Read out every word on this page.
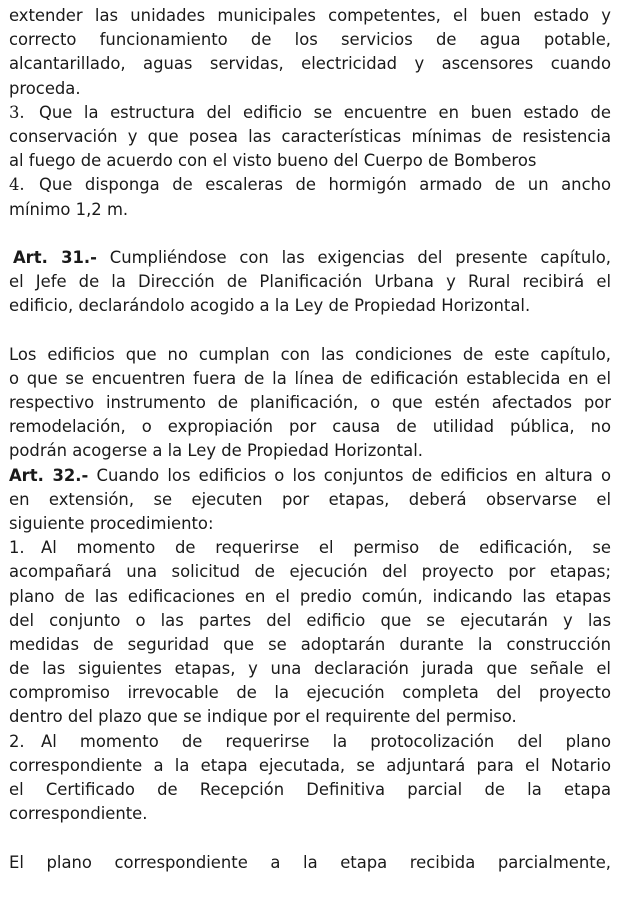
extender las unidades municipales competentes, el buen estado y
correcto funcionamiento de los servicios de agua potable,
alcantarillado, aguas servidas, electricidad y ascensores cuando
proceda.
3. Que la estructura del edificio se encuentre en buen estado de
conservación y que posea las características mínimas de resistencia
al fuego de acuerdo con el visto bueno del Cuerpo de Bomberos
4. Que disponga de escaleras de hormigón armado de un ancho
mínimo 1,2 m.
Art. 31.- Cumpliéndose con las exigencias del presente capítulo,
el Jefe de la Dirección de Planificación Urbana y Rural recibirá el
edificio, declarándolo acogido a la Ley de Propiedad Horizontal.
Los edificios que no cumplan con las condiciones de este capítulo,
o que se encuentren fuera de la línea de edificación establecida en el
respectivo instrumento de planificación, o que estén afectados por
remodelación, o expropiación por causa de utilidad pública, no
podrán acogerse a la Ley de Propiedad Horizontal.
Art. 32.- Cuando los edificios o los conjuntos de edificios en altura o
en extensión, se ejecuten por etapas, deberá observarse el
siguiente procedimiento:
1. Al momento de requerirse el permiso de edificación, se
acompañará una solicitud de ejecución del proyecto por etapas;
plano de las edificaciones en el predio común, indicando las etapas
del conjunto o las partes del edificio que se ejecutarán y las
medidas de seguridad que se adoptarán durante la construcción
de las siguientes etapas, y una declaración jurada que señale el
compromiso irrevocable de la ejecución completa del proyecto
dentro del plazo que se indique por el requirente del permiso.
2. Al momento de requerirse la protocolización del plano
correspondiente a la etapa ejecutada, se adjuntará para el Notario
el Certificado de Recepción Definitiva parcial de la etapa
correspondiente.
El plano correspondiente a la etapa recibida parcialmente,
